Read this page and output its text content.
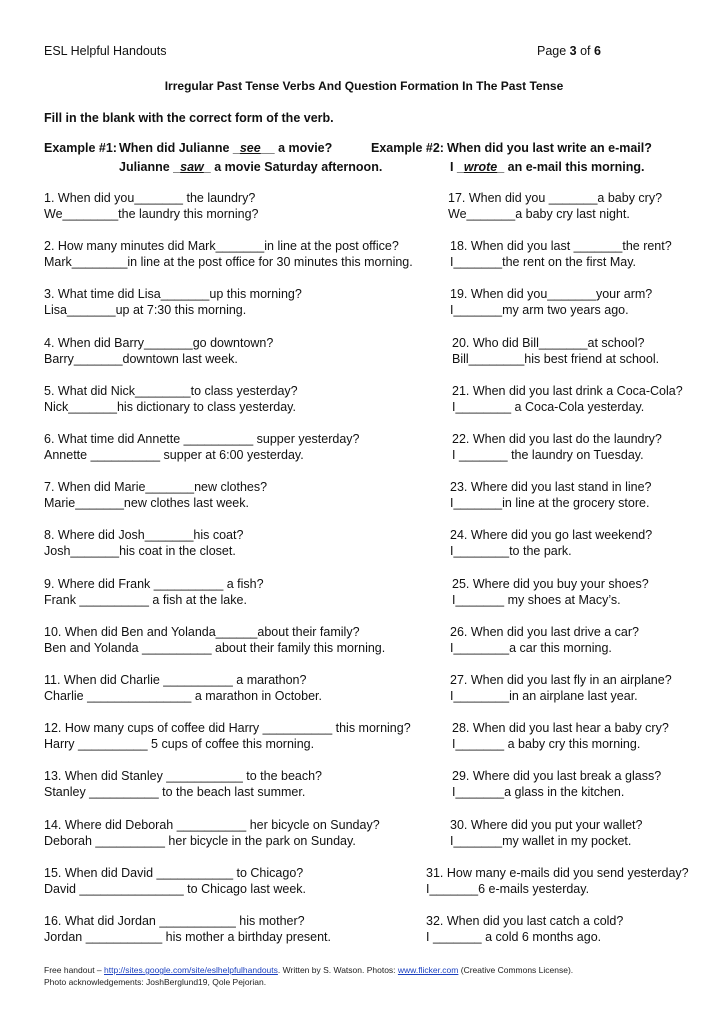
ESL Helpful Handouts	Page 3 of 6
Irregular Past Tense Verbs And Question Formation In The Past Tense
Fill in the blank with the correct form of the verb.
Example #1: When did Julianne _see__ a movie?
Julianne _saw_ a movie Saturday afternoon.
Example #2: When did you last write an e-mail?
I _wrote_ an e-mail this morning.
1. When did you_______ the laundry?
We________the laundry this morning?
2. How many minutes did Mark_______in line at the post office?
Mark________in line at the post office for 30 minutes this morning.
3. What time did Lisa_______up this morning?
Lisa_______up at 7:30 this morning.
4. When did Barry_______go downtown?
Barry_______downtown last week.
5. What did Nick________to class yesterday?
Nick_______his dictionary to class yesterday.
6. What time did Annette __________ supper yesterday?
Annette __________ supper at 6:00 yesterday.
7. When did Marie_______new clothes?
Marie_______new clothes last week.
8. Where did Josh_______his coat?
Josh_______his coat in the closet.
9. Where did Frank __________ a fish?
Frank __________ a fish at the lake.
10. When did Ben and Yolanda______about their family?
Ben and Yolanda __________ about their family this morning.
11. When did Charlie __________ a marathon?
Charlie _______________ a marathon in October.
12. How many cups of coffee did Harry __________ this morning?
Harry __________ 5 cups of coffee this morning.
13. When did Stanley ___________ to the beach?
Stanley __________ to the beach last summer.
14. Where did Deborah __________ her bicycle on Sunday?
Deborah __________ her bicycle in the park on Sunday.
15. When did David ___________ to Chicago?
David _______________ to Chicago last week.
16. What did Jordan ___________ his mother?
Jordan ___________ his mother a birthday present.
17. When did you _______a baby cry?
We_______a baby cry last night.
18. When did you last _______the rent?
I_______the rent on the first May.
19. When did you_______your arm?
I_______my arm two years ago.
20. Who did Bill_______at school?
Bill________his best friend at school.
21. When did you last drink a Coca-Cola?
I________ a Coca-Cola yesterday.
22. When did you last do the laundry?
I _______ the laundry on Tuesday.
23. Where did you last stand in line?
I_______in line at the grocery store.
24. Where did you go last weekend?
I________to the park.
25. Where did you buy your shoes?
I_______ my shoes at Macy’s.
26. When did you last drive a car?
I________a car this morning.
27. When did you last fly in an airplane?
I________in an airplane last year.
28. When did you last hear a baby cry?
I_______ a baby cry this morning.
29. Where did you last break a glass?
I_______a glass in the kitchen.
30. Where did you put your wallet?
I_______my wallet in my pocket.
31. How many e-mails did you send yesterday?
I_______6 e-mails yesterday.
32. When did you last catch a cold?
I _______ a cold 6 months ago.
Free handout – http://sites.google.com/site/eslhelpfulhandouts. Written by S. Watson. Photos: www.flicker.com (Creative Commons License).
Photo acknowledgements: JoshBerglund19, Qole Pejorian.
